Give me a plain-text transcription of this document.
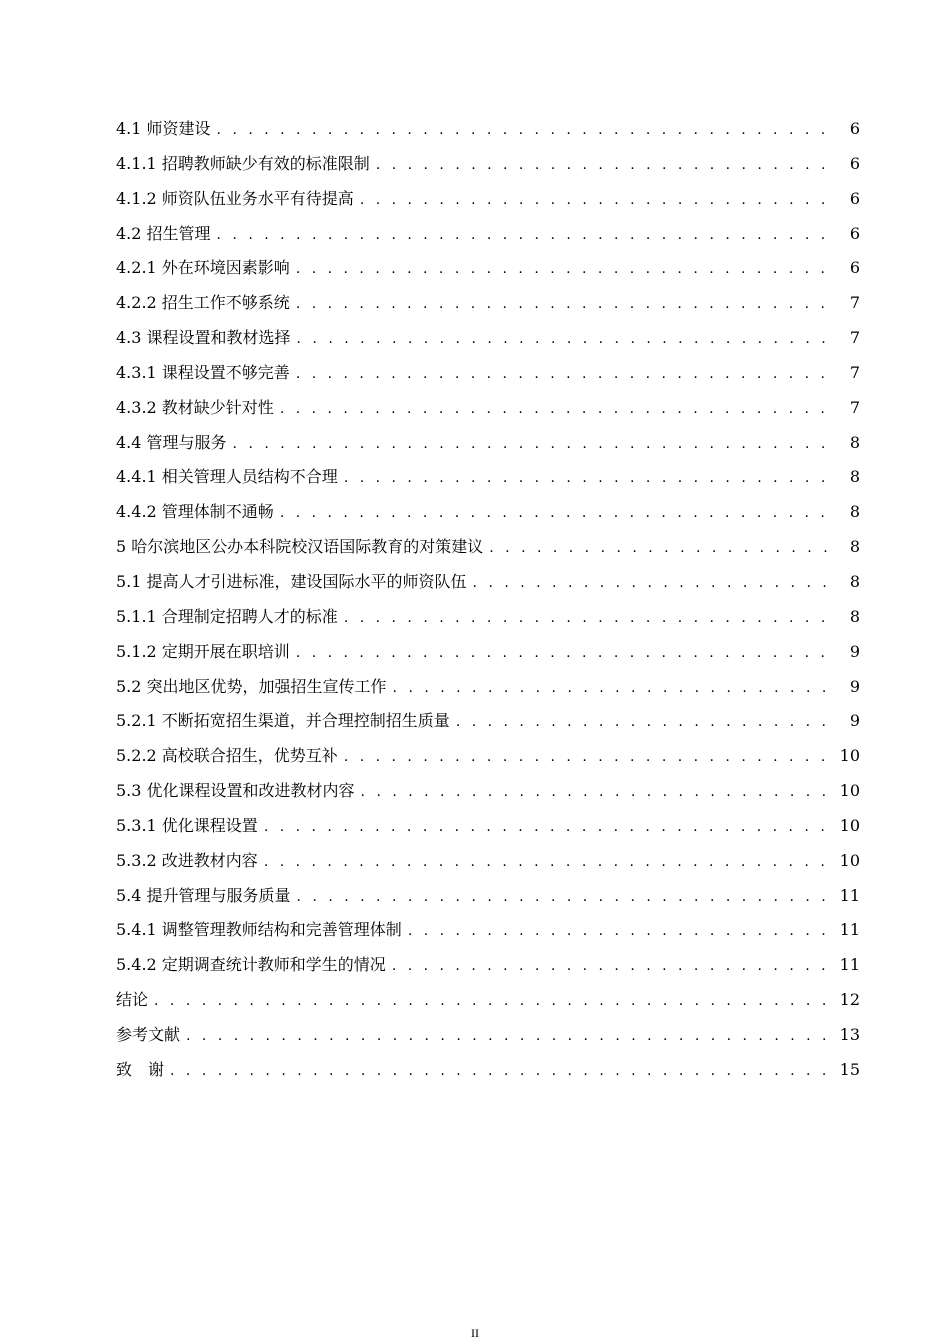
4.1 师资建设 . . .	6
4.1.1 招聘教师缺少有效的标准限制 . . .	6
4.1.2 师资队伍业务水平有待提高 . . .	6
4.2 招生管理 . . .	6
4.2.1 外在环境因素影响 . . .	6
4.2.2 招生工作不够系统 . . .	7
4.3 课程设置和教材选择 . . .	7
4.3.1 课程设置不够完善 . . .	7
4.3.2 教材缺少针对性 . . .	7
4.4 管理与服务 . . .	8
4.4.1 相关管理人员结构不合理 . . .	8
4.4.2 管理体制不通畅 . . .	8
5 哈尔滨地区公办本科院校汉语国际教育的对策建议 . . .	8
5.1 提高人才引进标准，建设国际水平的师资队伍 . . .	8
5.1.1 合理制定招聘人才的标准 . . .	8
5.1.2 定期开展在职培训 . . .	9
5.2 突出地区优势，加强招生宣传工作 . . .	9
5.2.1 不断拓宽招生渠道，并合理控制招生质量 . . .	9
5.2.2 高校联合招生，优势互补 . . .	10
5.3 优化课程设置和改进教材内容 . . .	10
5.3.1 优化课程设置 . . .	10
5.3.2 改进教材内容 . . .	10
5.4 提升管理与服务质量 . . .	11
5.4.1 调整管理教师结构和完善管理体制 . . .	11
5.4.2 定期调查统计教师和学生的情况 . . .	11
结论 . . .	12
参考文献 . . .	13
致　谢 . . .	15
II
